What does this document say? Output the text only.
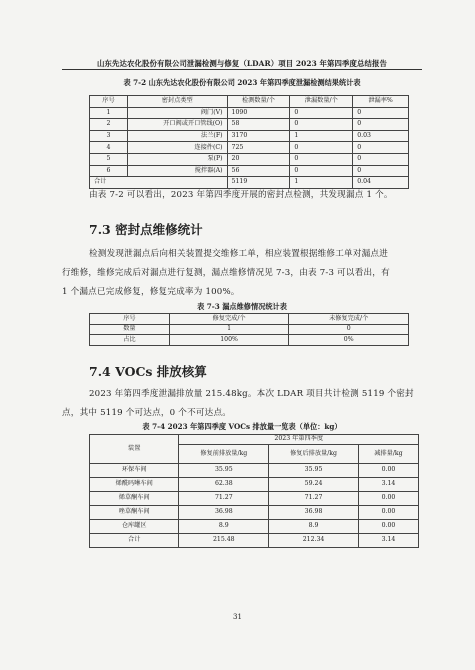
山东先达农化股份有限公司泄漏检测与修复（LDAR）项目 2023 年第四季度总结报告
表 7-2 山东先达农化股份有限公司 2023 年第四季度泄漏检测结果统计表
序号	密封点类型	检测数量/个	泄漏数量/个	泄漏率%
1	阀门(V)	1090	0	0
2	开口阀或开口管线(O)	58	0	0
3	法兰(F)	3170	1	0.03
4	连接件(C)	725	0	0
5	泵(P)	20	0	0
6	搅拌器(A)	56	0	0
合计		5119	1	0.04
由表 7-2 可以看出，2023 年第四季度开展的密封点检测，共发现漏点 1 个。
7.3 密封点维修统计
检测发现泄漏点后向相关装置提交维修工单，相应装置根据维修工单对漏点进
行维修，维修完成后对漏点进行复测，漏点维修情况见 7-3，由表 7-3 可以看出，有
1 个漏点已完成修复，修复完成率为 100%。
表 7-3 漏点维修情况统计表
序号	修复完成/个	未修复完成/个
数量	1	0
占比	100%	0%
7.4 VOCs 排放核算
2023 年第四季度泄漏排放量 215.48kg。本次 LDAR 项目共计检测 5119 个密封
点，其中 5119 个可达点，0 个不可达点。
表 7-4 2023 年第四季度 VOCs 排放量一览表（单位：kg）
装置	2023 年第四季度		
	修复前排放量/kg	修复后排放量/kg	减排量/kg
环保车间	35.95	35.95	0.00
烯酰吗啉车间	62.38	59.24	3.14
烯草酮车间	71.27	71.27	0.00
唑草酮车间	36.98	36.98	0.00
仓库罐区	8.9	8.9	0.00
合计	215.48	212.34	3.14
31
